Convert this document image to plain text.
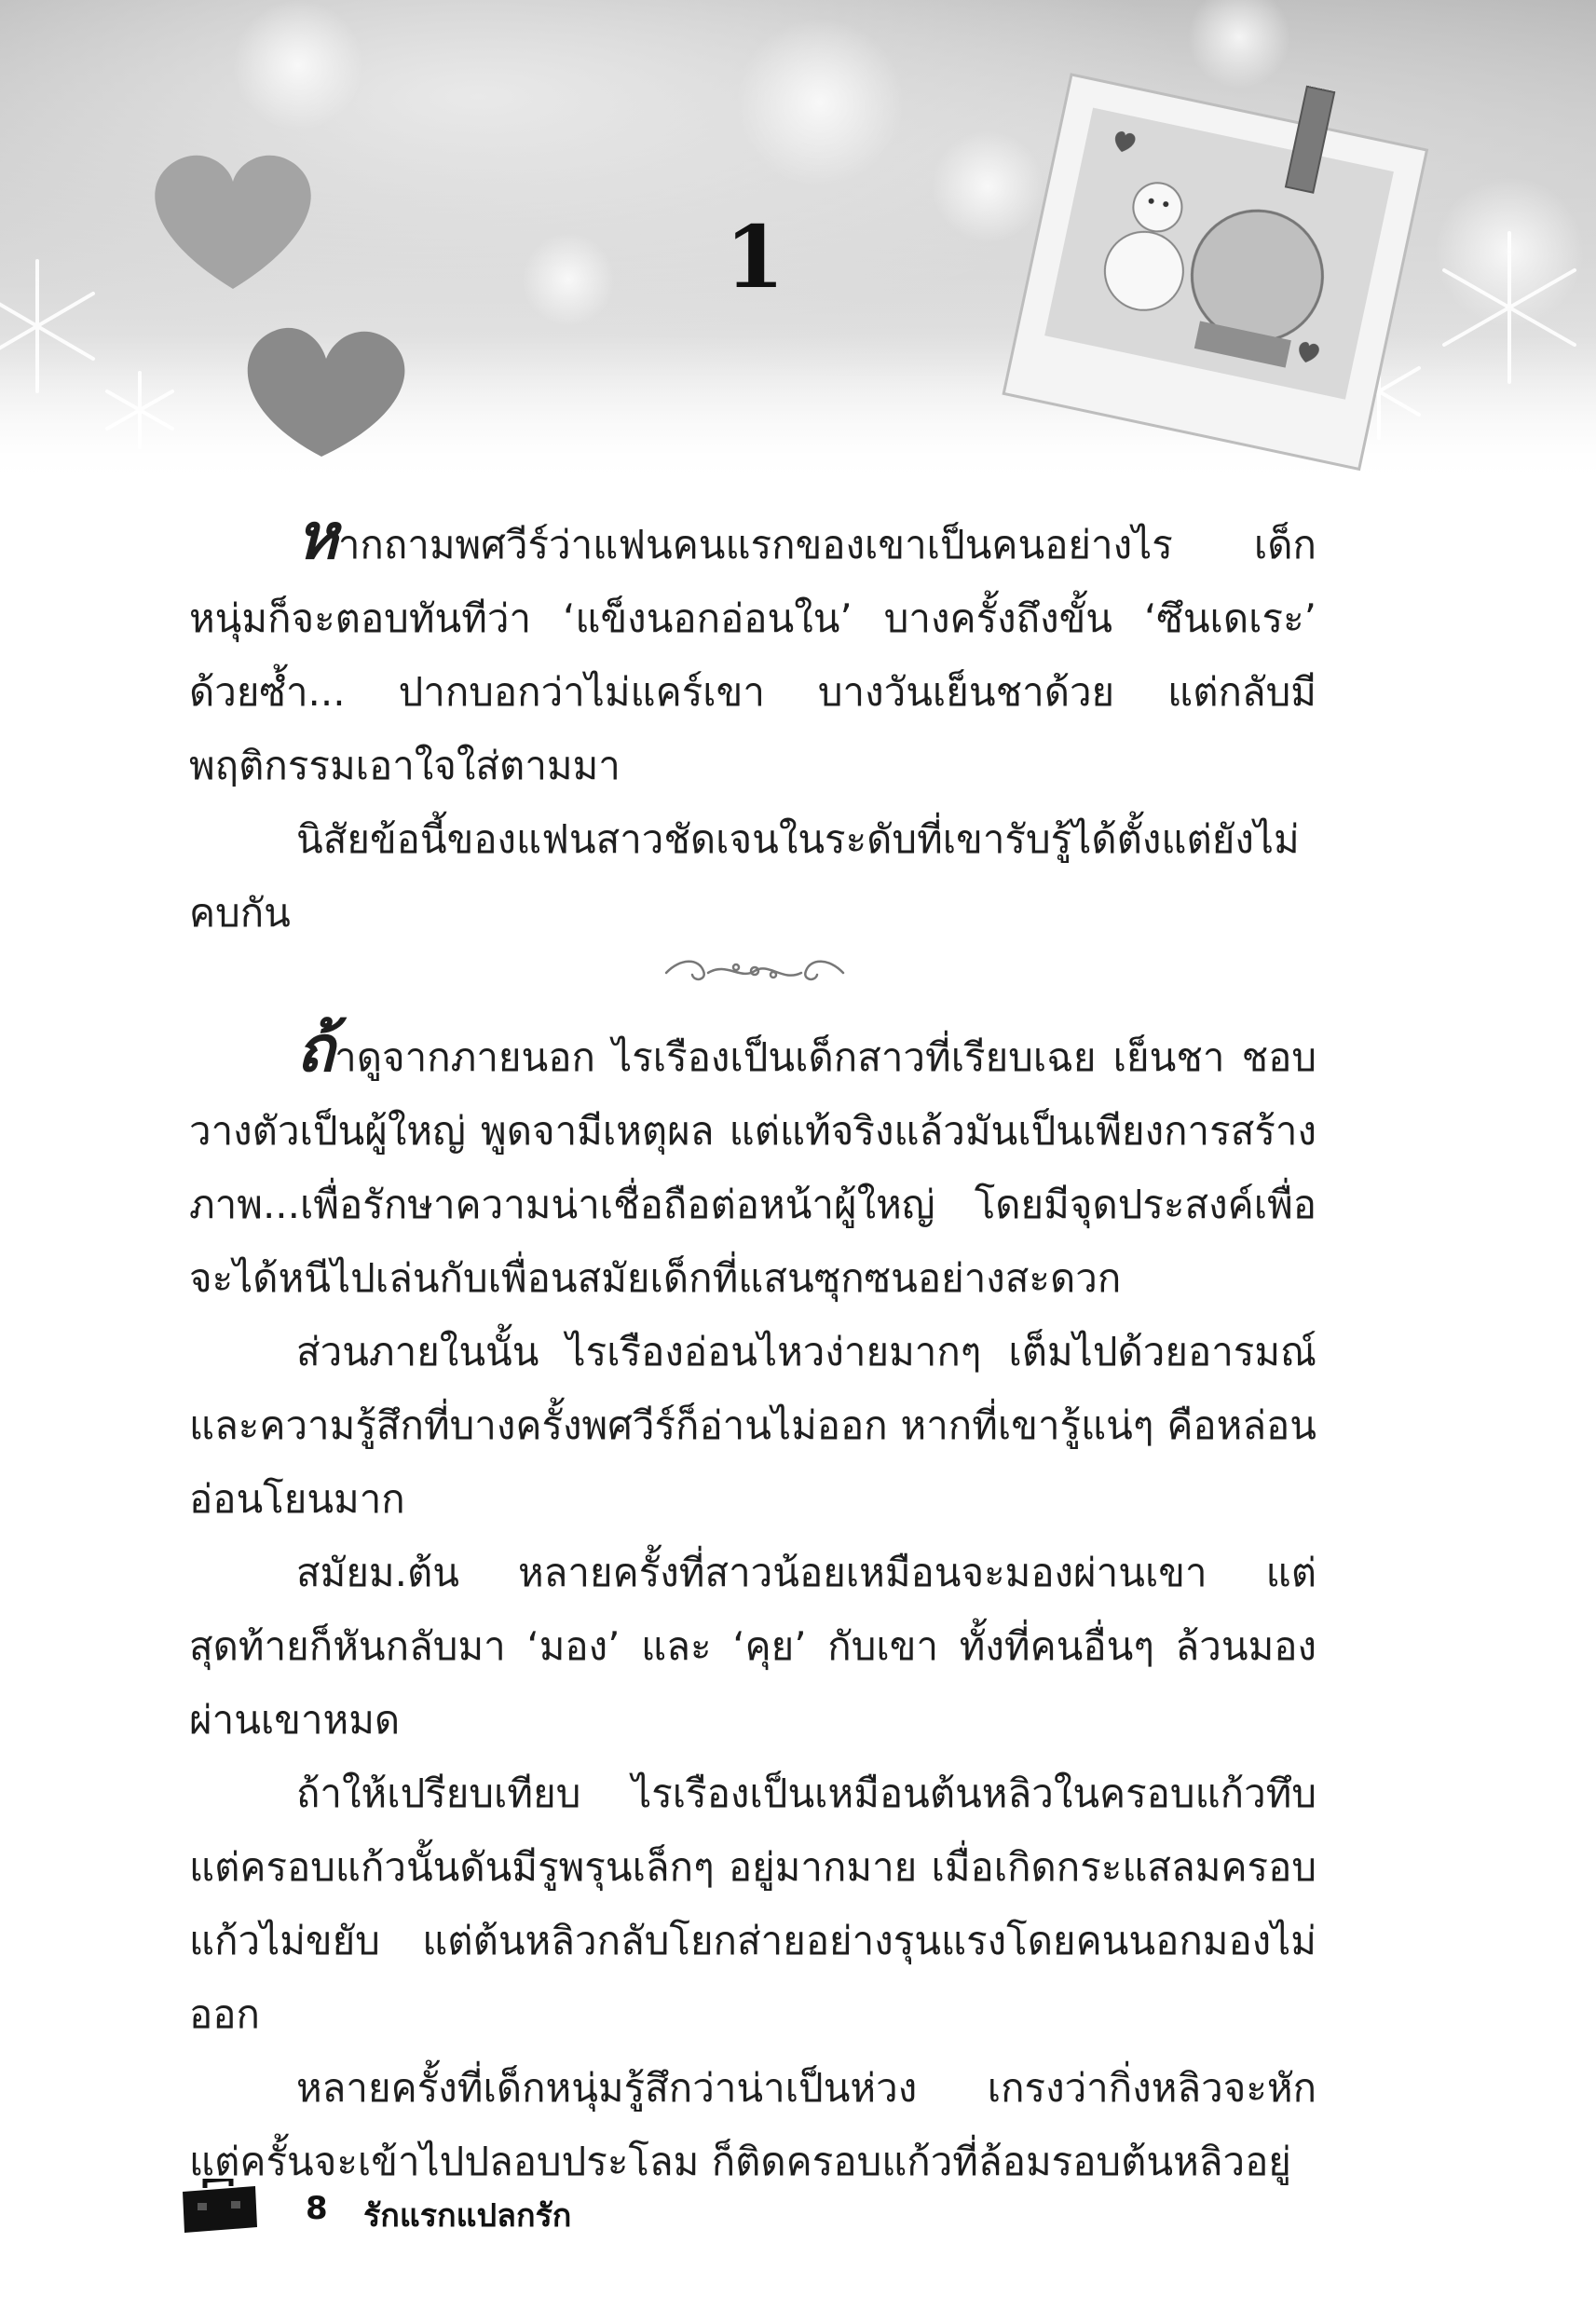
1

หากถามพศวีร์ว่าแฟนคนแรกของเขาเป็นคนอย่างไร เด็กหนุ่มก็จะตอบทันทีว่า ‘แข็งนอกอ่อนใน’ บางครั้งถึงขั้น ‘ซึนเดเระ’ ด้วยซ้ำ... ปากบอกว่าไม่แคร์เขา บางวันเย็นชาด้วย แต่กลับมีพฤติกรรมเอาใจใส่ตามมา

นิสัยข้อนี้ของแฟนสาวชัดเจนในระดับที่เขารับรู้ได้ตั้งแต่ยังไม่คบกัน

ถ้าดูจากภายนอก ไรเรืองเป็นเด็กสาวที่เรียบเฉย เย็นชา ชอบวางตัวเป็นผู้ใหญ่ พูดจามีเหตุผล แต่แท้จริงแล้วมันเป็นเพียงการสร้างภาพ...เพื่อรักษาความน่าเชื่อถือต่อหน้าผู้ใหญ่ โดยมีจุดประสงค์เพื่อจะได้หนีไปเล่นกับเพื่อนสมัยเด็กที่แสนซุกซนอย่างสะดวก

ส่วนภายในนั้น ไรเรืองอ่อนไหวง่ายมากๆ เต็มไปด้วยอารมณ์และความรู้สึกที่บางครั้งพศวีร์ก็อ่านไม่ออก หากที่เขารู้แน่ๆ คือหล่อนอ่อนโยนมาก

สมัยม.ต้น หลายครั้งที่สาวน้อยเหมือนจะมองผ่านเขา แต่สุดท้ายก็หันกลับมา ‘มอง’ และ ‘คุย’ กับเขา ทั้งที่คนอื่นๆ ล้วนมองผ่านเขาหมด

ถ้าให้เปรียบเทียบ ไรเรืองเป็นเหมือนต้นหลิวในครอบแก้วทึบ แต่ครอบแก้วนั้นดันมีรูพรุนเล็กๆ อยู่มากมาย เมื่อเกิดกระแสลมครอบแก้วไม่ขยับ แต่ต้นหลิวกลับโยกส่ายอย่างรุนแรงโดยคนนอกมองไม่ออก

หลายครั้งที่เด็กหนุ่มรู้สึกว่าน่าเป็นห่วง เกรงว่ากิ่งหลิวจะหัก แต่ครั้นจะเข้าไปปลอบประโลม ก็ติดครอบแก้วที่ล้อมรอบต้นหลิวอยู่

8 รักแรกแปลกรัก
